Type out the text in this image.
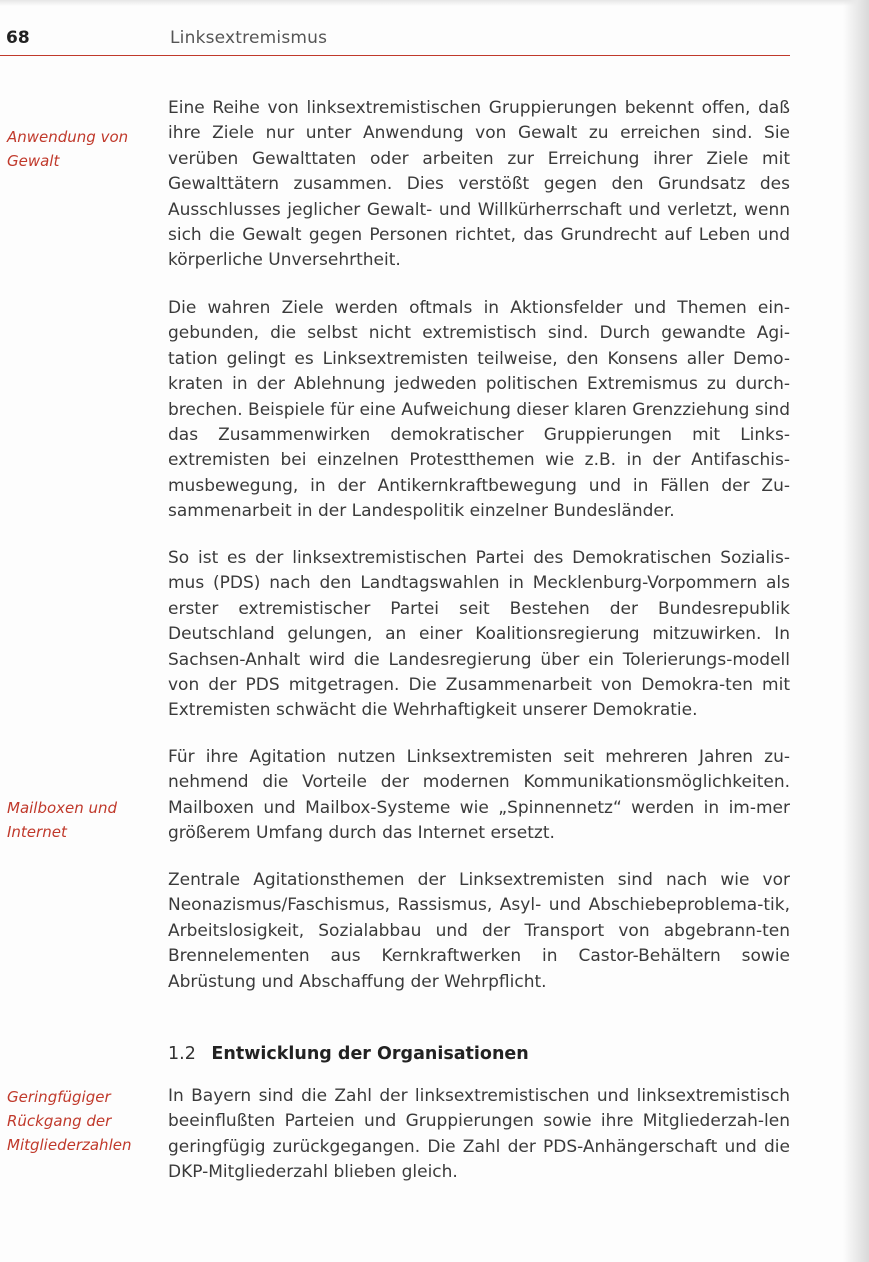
68	Linksextremismus
Anwendung von
Gewalt
Mailboxen und
Internet
Geringfügiger
Rückgang der
Mitgliederzahlen

Eine Reihe von linksextremistischen Gruppierungen bekennt offen, daß ihre Ziele nur unter Anwendung von Gewalt zu erreichen sind. Sie verüben Gewalttaten oder arbeiten zur Erreichung ihrer Ziele mit Gewalttätern zusammen. Dies verstößt gegen den Grundsatz des Ausschlusses jeglicher Gewalt- und Willkürherrschaft und verletzt, wenn sich die Gewalt gegen Personen richtet, das Grundrecht auf Leben und körperliche Unversehrtheit.

Die wahren Ziele werden oftmals in Aktionsfelder und Themen ein-gebunden, die selbst nicht extremistisch sind. Durch gewandte Agi-tation gelingt es Linksextremisten teilweise, den Konsens aller Demo-kraten in der Ablehnung jedweden politischen Extremismus zu durch-brechen. Beispiele für eine Aufweichung dieser klaren Grenzziehung sind das Zusammenwirken demokratischer Gruppierungen mit Links-extremisten bei einzelnen Protestthemen wie z.B. in der Antifaschis-musbewegung, in der Antikernkraftbewegung und in Fällen der Zu-sammenarbeit in der Landespolitik einzelner Bundesländer.

So ist es der linksextremistischen Partei des Demokratischen Sozialis-mus (PDS) nach den Landtagswahlen in Mecklenburg-Vorpommern als erster extremistischer Partei seit Bestehen der Bundesrepublik Deutschland gelungen, an einer Koalitionsregierung mitzuwirken. In Sachsen-Anhalt wird die Landesregierung über ein Tolerierungs-modell von der PDS mitgetragen. Die Zusammenarbeit von Demokra-ten mit Extremisten schwächt die Wehrhaftigkeit unserer Demokratie.

Für ihre Agitation nutzen Linksextremisten seit mehreren Jahren zu-nehmend die Vorteile der modernen Kommunikationsmöglichkeiten. Mailboxen und Mailbox-Systeme wie „Spinnennetz“ werden in im-mer größerem Umfang durch das Internet ersetzt.

Zentrale Agitationsthemen der Linksextremisten sind nach wie vor Neonazismus/Faschismus, Rassismus, Asyl- und Abschiebeproblema-tik, Arbeitslosigkeit, Sozialabbau und der Transport von abgebrann-ten Brennelementen aus Kernkraftwerken in Castor-Behältern sowie Abrüstung und Abschaffung der Wehrpflicht.

1.2 Entwicklung der Organisationen

In Bayern sind die Zahl der linksextremistischen und linksextremistisch beeinflußten Parteien und Gruppierungen sowie ihre Mitgliederzah-len geringfügig zurückgegangen. Die Zahl der PDS-Anhängerschaft und die DKP-Mitgliederzahl blieben gleich.
